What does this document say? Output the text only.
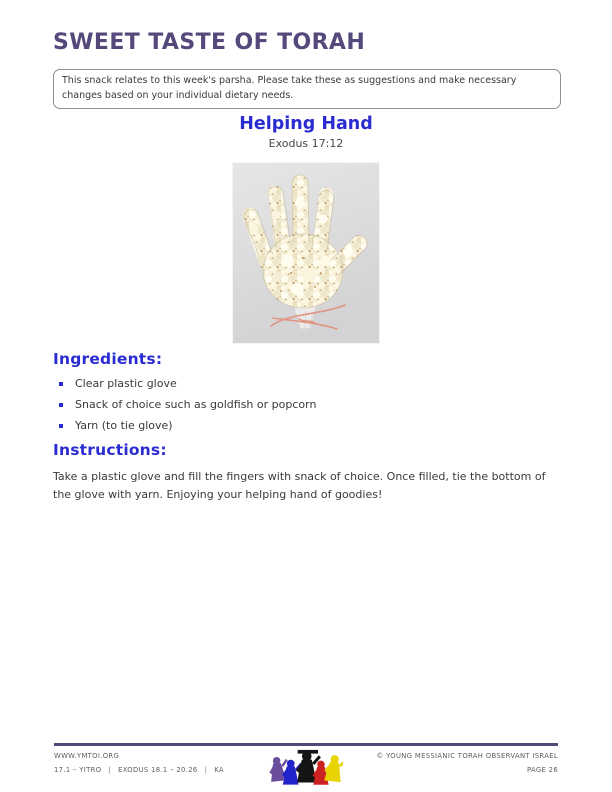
SWEET TASTE OF TORAH
This snack relates to this week's parsha. Please take these as suggestions and make necessary changes based on your individual dietary needs.
Helping Hand
Exodus 17:12
Ingredients:
Clear plastic glove
Snack of choice such as goldfish or popcorn
Yarn (to tie glove)
Instructions:

Take a plastic glove and fill the fingers with snack of choice. Once filled, tie the bottom of the glove with yarn. Enjoying your helping hand of goodies!

WWW.YMTOI.ORG
17.1 – YITRO | EXODUS 18.1 – 20.26 | KA
© YOUNG MESSIANIC TORAH OBSERVANT ISRAEL
PAGE 26
